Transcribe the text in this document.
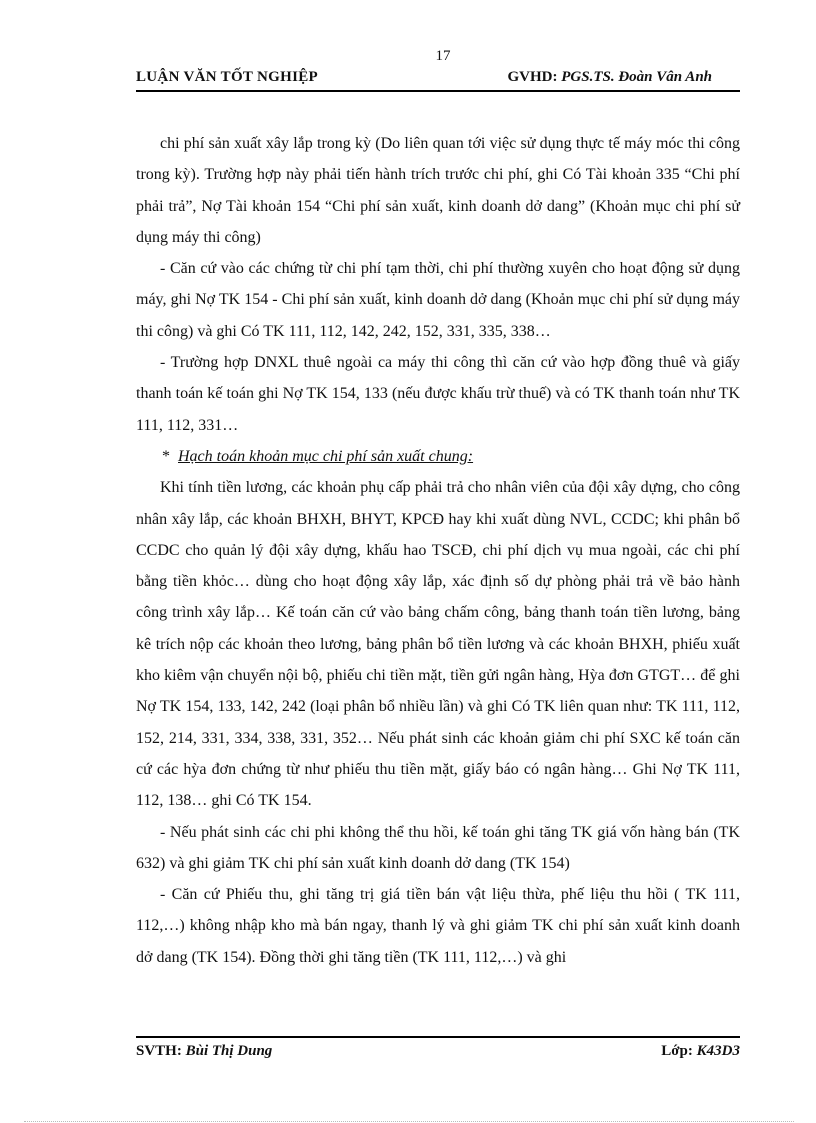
17
LUẬN VĂN TỐT NGHIỆP	GVHD: PGS.TS. Đoàn Vân Anh

chi phí sản xuất xây lắp trong kỳ (Do liên quan tới việc sử dụng thực tế máy móc thi công trong kỳ). Trường hợp này phải tiến hành trích trước chi phí, ghi Có Tài khoản 335 “Chi phí phải trả”, Nợ Tài khoản 154 “Chi phí sản xuất, kinh doanh dở dang” (Khoản mục chi phí sử dụng máy thi công)

- Căn cứ vào các chứng từ chi phí tạm thời, chi phí thường xuyên cho hoạt động sử dụng máy, ghi Nợ TK 154 - Chi phí sản xuất, kinh doanh dở dang (Khoản mục chi phí sử dụng máy thi công) và ghi Có TK 111, 112, 142, 242, 152, 331, 335, 338…

- Trường hợp DNXL thuê ngoài ca máy thi công thì căn cứ vào hợp đồng thuê và giấy thanh toán kế toán ghi Nợ TK 154, 133 (nếu được khấu trừ thuế) và có TK thanh toán như TK 111, 112, 331…

* Hạch toán khoản mục chi phí sản xuất chung:

Khi tính tiền lương, các khoản phụ cấp phải trả cho nhân viên của đội xây dựng, cho công nhân xây lắp, các khoản BHXH, BHYT, KPCĐ hay khi xuất dùng NVL, CCDC; khi phân bổ CCDC cho quản lý đội xây dựng, khấu hao TSCĐ, chi phí dịch vụ mua ngoài, các chi phí bằng tiền khỏc… dùng cho hoạt động xây lắp, xác định số dự phòng phải trả về bảo hành công trình xây lắp… Kế toán căn cứ vào bảng chấm công, bảng thanh toán tiền lương, bảng kê trích nộp các khoản theo lương, bảng phân bổ tiền lương và các khoản BHXH, phiếu xuất kho kiêm vận chuyển nội bộ, phiếu chi tiền mặt, tiền gửi ngân hàng, Hỳa đơn GTGT… để ghi Nợ TK 154, 133, 142, 242 (loại phân bổ nhiều lần) và ghi Có TK liên quan như: TK 111, 112, 152, 214, 331, 334, 338, 331, 352… Nếu phát sinh các khoản giảm chi phí SXC kế toán căn cứ các hỳa đơn chứng từ như phiếu thu tiền mặt, giấy báo có ngân hàng… Ghi Nợ TK 111, 112, 138… ghi Có TK 154.

- Nếu phát sinh các chi phi không thể thu hồi, kế toán ghi tăng TK giá vốn hàng bán (TK 632) và ghi giảm TK chi phí sản xuất kinh doanh dở dang (TK 154)

- Căn cứ Phiếu thu, ghi tăng trị giá tiền bán vật liệu thừa, phế liệu thu hồi ( TK 111, 112,…) không nhập kho mà bán ngay, thanh lý và ghi giảm TK chi phí sản xuất kinh doanh dở dang (TK 154). Đồng thời ghi tăng tiền (TK 111, 112,…) và ghi

SVTH: Bùi Thị Dung	Lớp: K43D3
